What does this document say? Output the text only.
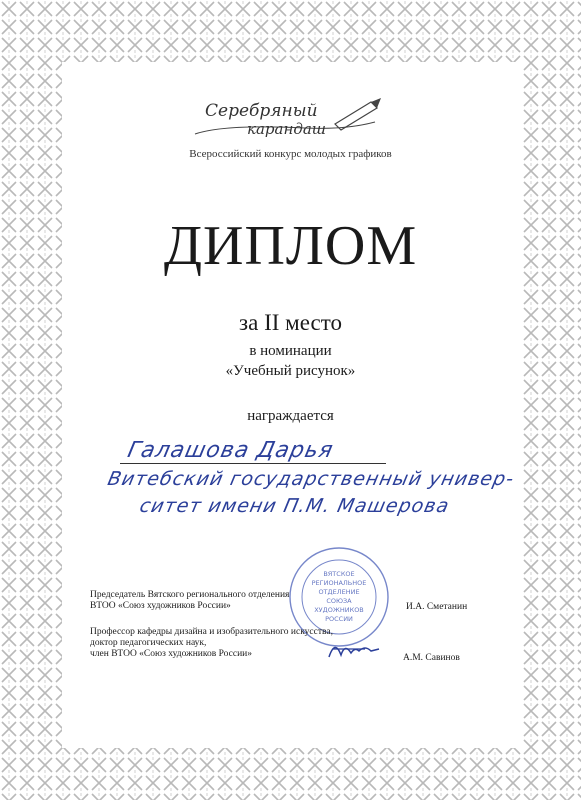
Серебряный
карандаш
Всероссийский конкурс молодых графиков
ДИПЛОМ
за II место
в номинации
«Учебный рисунок»
награждается
Галашова Дарья
Витебский государственный универ-
ситет имени П.М. Машерова
ВЯТСКОЕ
РЕГИОНАЛЬНОЕ
ОТДЕЛЕНИЕ
СОЮЗА
ХУДОЖНИКОВ
РОССИИ
Председатель Вятского регионального отделения
ВТОО «Союз художников России»	И.А. Сметанин
Профессор кафедры дизайна и изобразительного искусства,
доктор педагогических наук,
член ВТОО «Союз художников России»	А.М. Савинов
